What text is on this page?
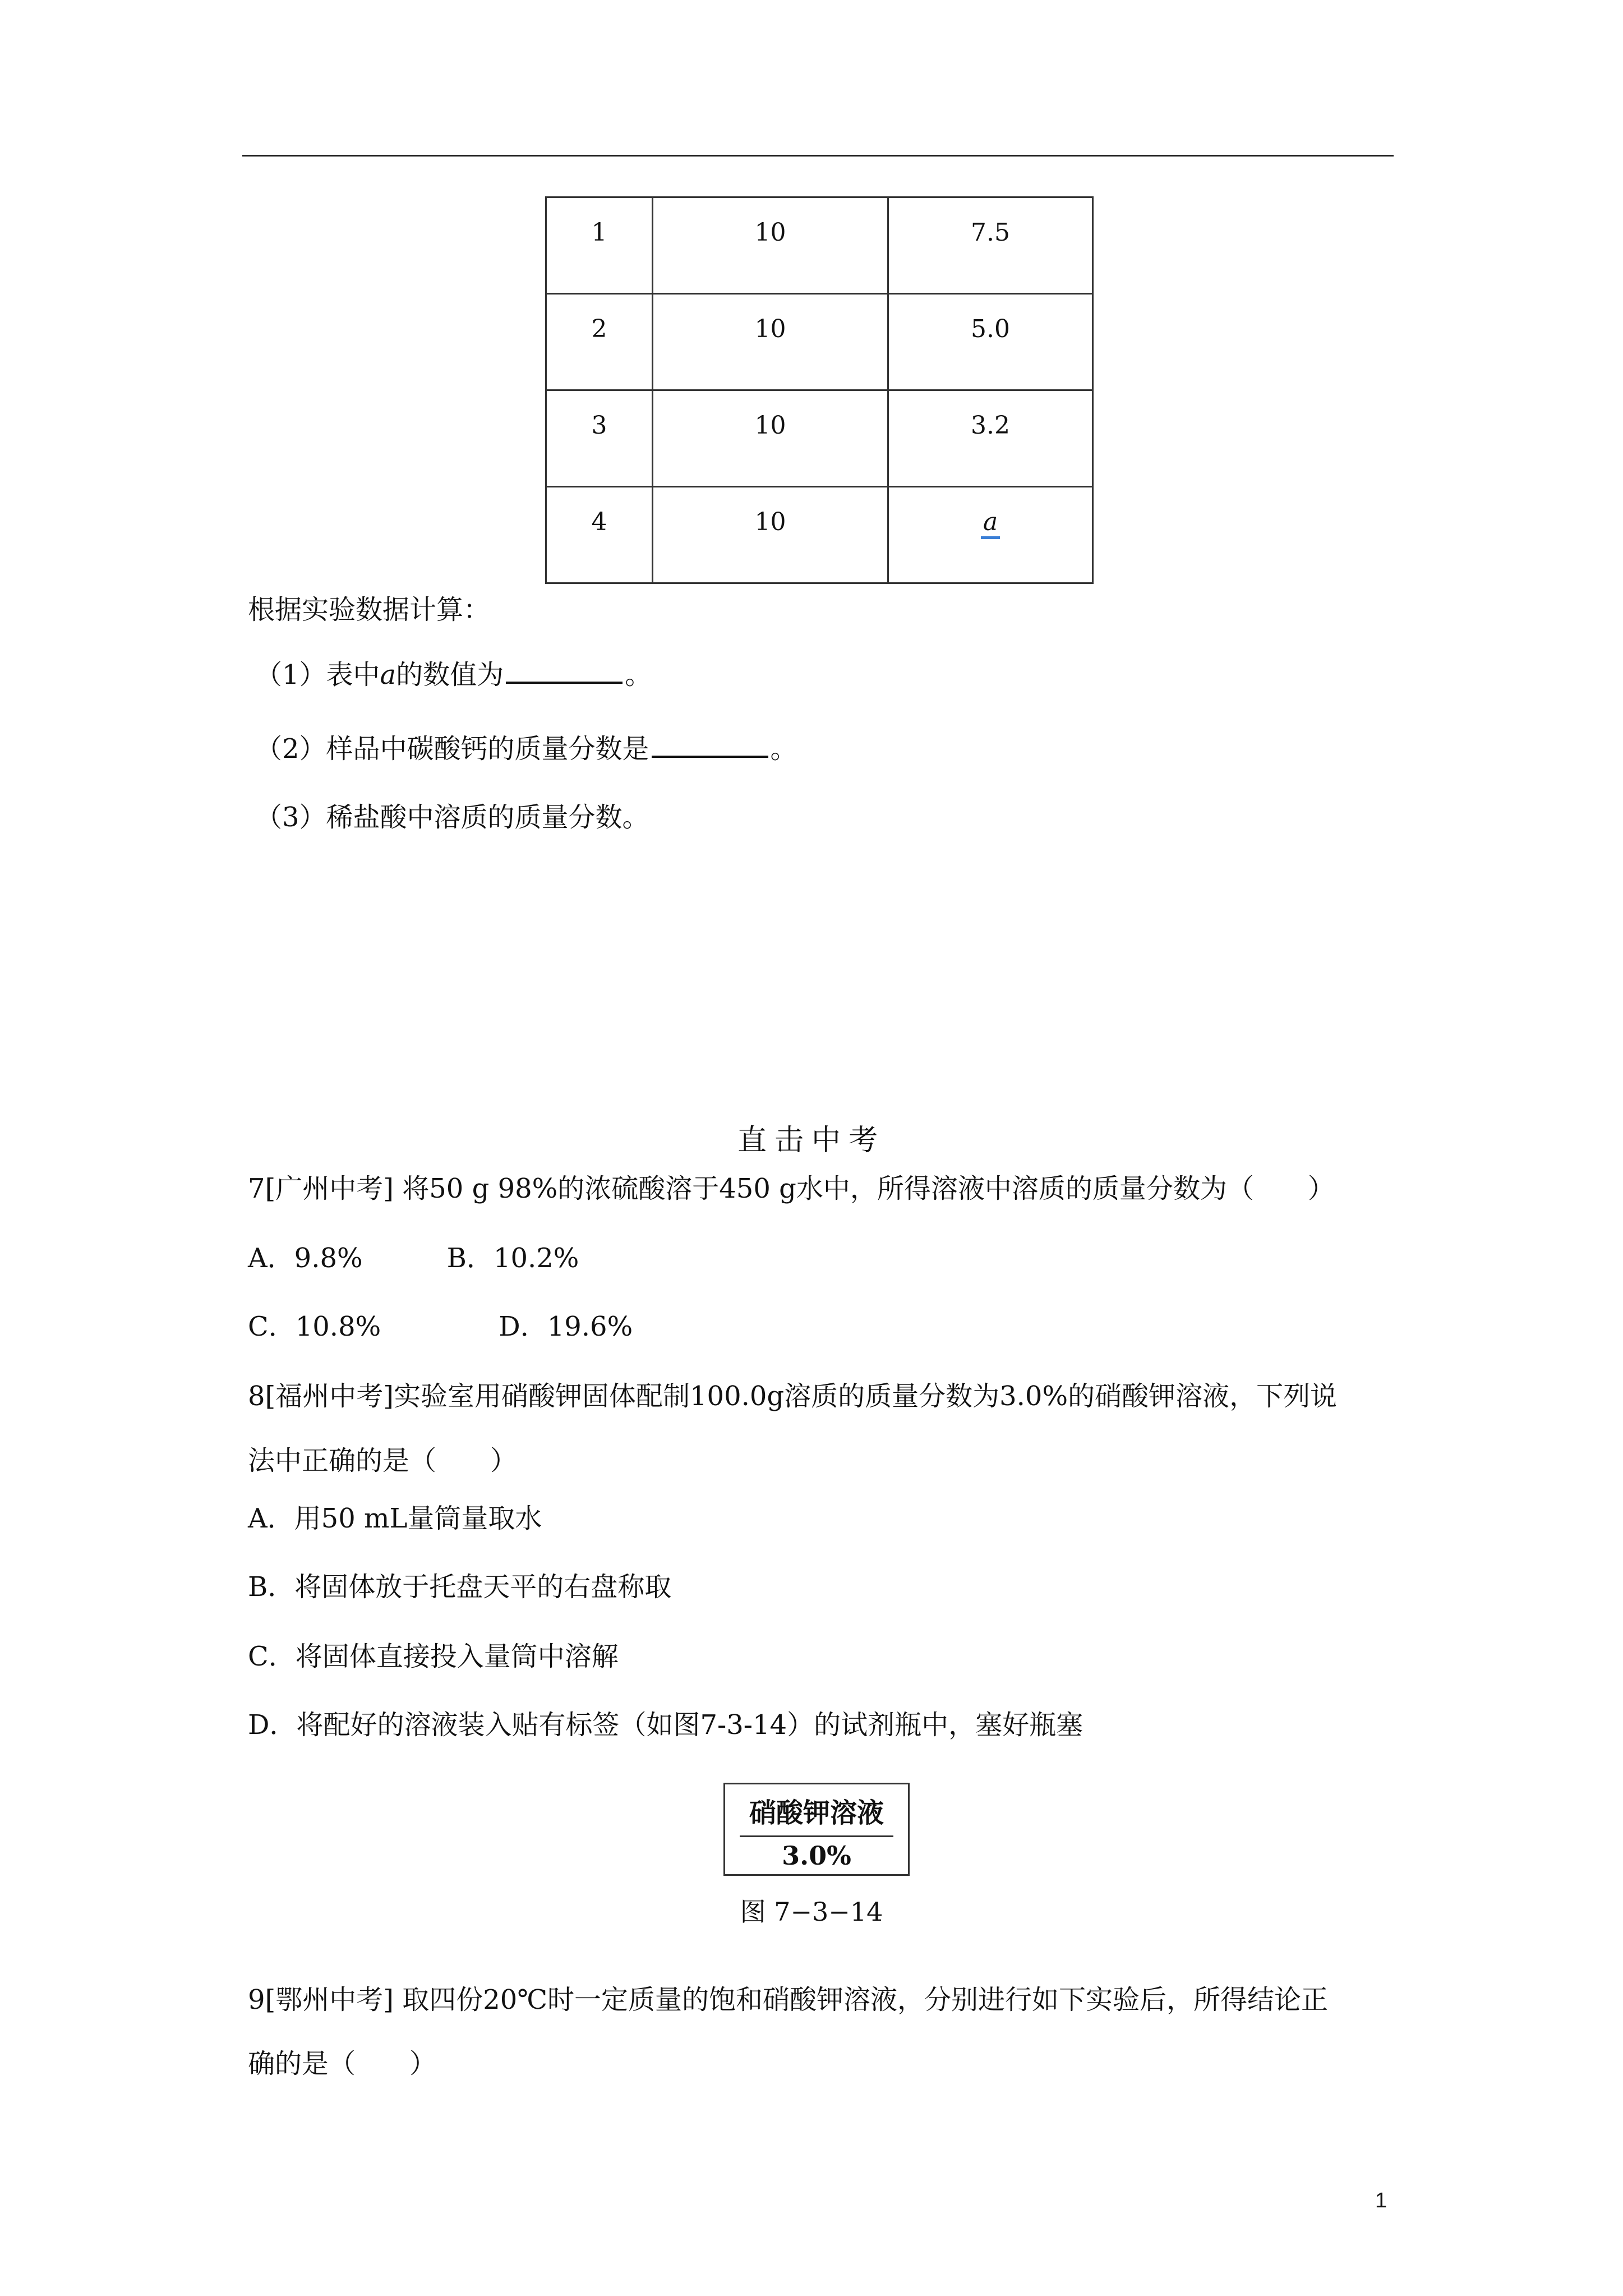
1	10	7.5
2	10	5.0
3	10	3.2
4	10	a
根据实验数据计算：
（1）表中a的数值为	。
（2）样品中碳酸钙的质量分数是	。
（3）稀盐酸中溶质的质量分数。
直击中考
7[广州中考] 将50 g 98%的浓硫酸溶于450 g水中，所得溶液中溶质的质量分数为（　　）
A．9.8%	B．10.2%
C．10.8%	D．19.6%
8[福州中考]实验室用硝酸钾固体配制100.0g溶质的质量分数为3.0%的硝酸钾溶液，下列说
法中正确的是（　　）
A．用50 mL量筒量取水
B．将固体放于托盘天平的右盘称取
C．将固体直接投入量筒中溶解
D．将配好的溶液装入贴有标签（如图7-3-14）的试剂瓶中，塞好瓶塞
硝酸钾溶液
3.0%
图 7−3−14
9[鄂州中考] 取四份20℃时一定质量的饱和硝酸钾溶液，分别进行如下实验后，所得结论正
确的是（　　）
1
